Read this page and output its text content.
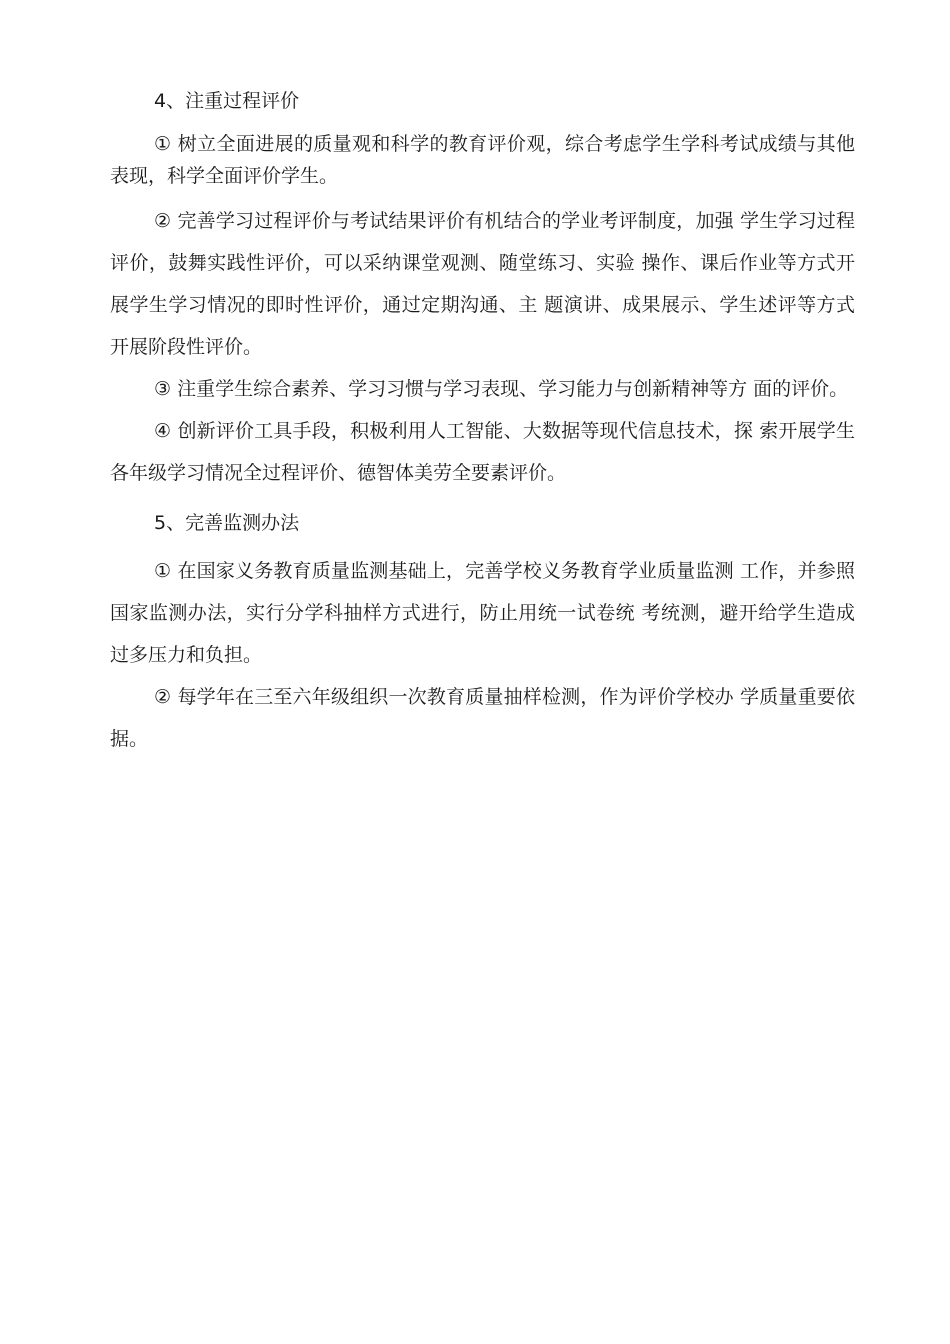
4、注重过程评价

① 树立全面进展的质量观和科学的教育评价观，综合考虑学生学科考试成绩与其他表现，科学全面评价学生。

② 完善学习过程评价与考试结果评价有机结合的学业考评制度，加强 学生学习过程评价，鼓舞实践性评价，可以采纳课堂观测、随堂练习、实验 操作、课后作业等方式开展学生学习情况的即时性评价，通过定期沟通、主 题演讲、成果展示、学生述评等方式开展阶段性评价。

③ 注重学生综合素养、学习习惯与学习表现、学习能力与创新精神等方 面的评价。

④ 创新评价工具手段，积极利用人工智能、大数据等现代信息技术，探 索开展学生各年级学习情况全过程评价、德智体美劳全要素评价。

5、完善监测办法

① 在国家义务教育质量监测基础上，完善学校义务教育学业质量监测 工作，并参照国家监测办法，实行分学科抽样方式进行，防止用统一试卷统 考统测，避开给学生造成过多压力和负担。

② 每学年在三至六年级组织一次教育质量抽样检测，作为评价学校办 学质量重要依据。
